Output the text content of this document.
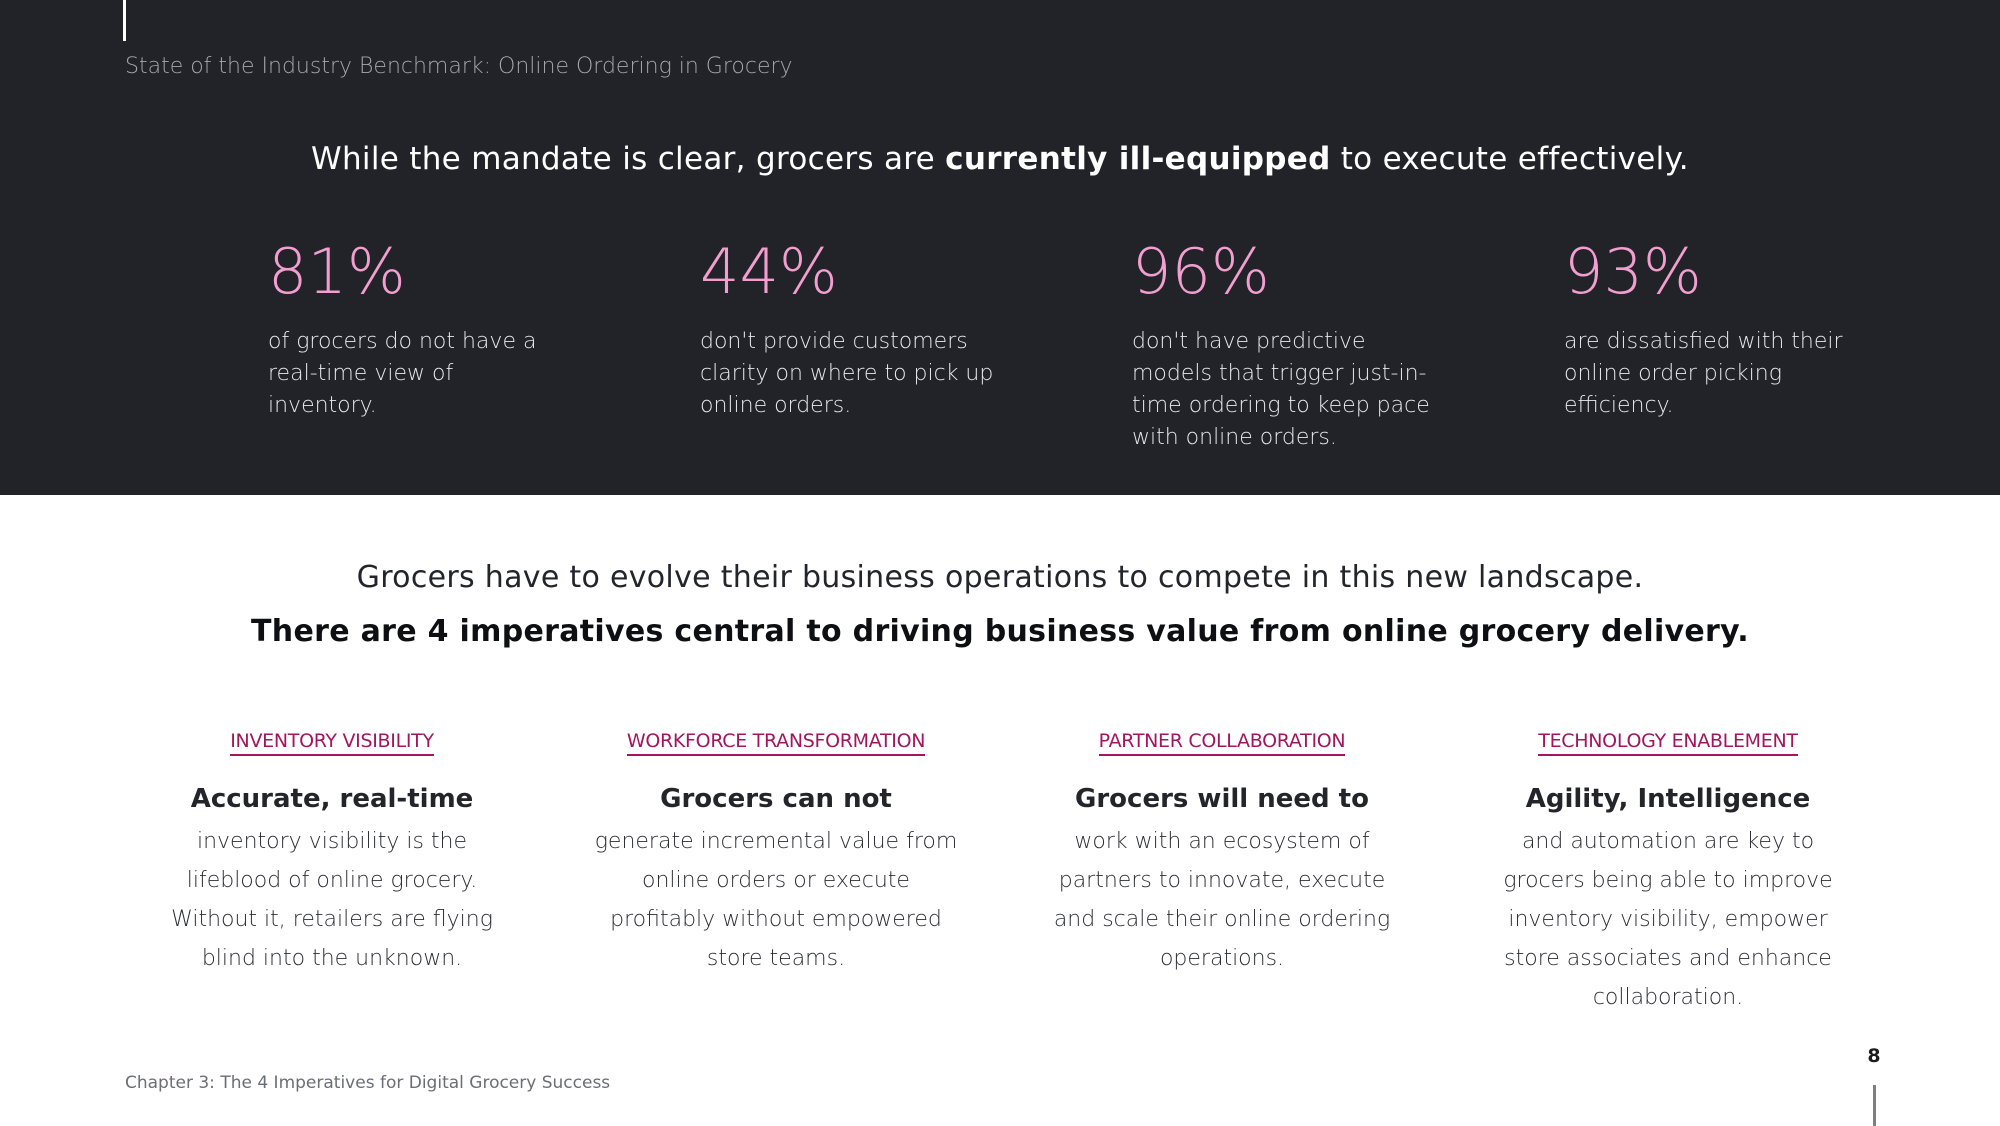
State of the Industry Benchmark: Online Ordering in Grocery
While the mandate is clear, grocers are currently ill-equipped to execute effectively.
81%
of grocers do not have a real-time view of inventory.
44%
don't provide customers clarity on where to pick up online orders.
96%
don't have predictive models that trigger just-in-time ordering to keep pace with online orders.
93%
are dissatisfied with their online order picking efficiency.
Grocers have to evolve their business operations to compete in this new landscape.
There are 4 imperatives central to driving business value from online grocery delivery.
INVENTORY VISIBILITY
Accurate, real-time
inventory visibility is the lifeblood of online grocery. Without it, retailers are flying blind into the unknown.
WORKFORCE TRANSFORMATION
Grocers can not
generate incremental value from online orders or execute profitably without empowered store teams.
PARTNER COLLABORATION
Grocers will need to
work with an ecosystem of partners to innovate, execute and scale their online ordering operations.
TECHNOLOGY ENABLEMENT
Agility, Intelligence
and automation are key to grocers being able to improve inventory visibility, empower store associates and enhance collaboration.
Chapter 3: The 4 Imperatives for Digital Grocery Success
8
